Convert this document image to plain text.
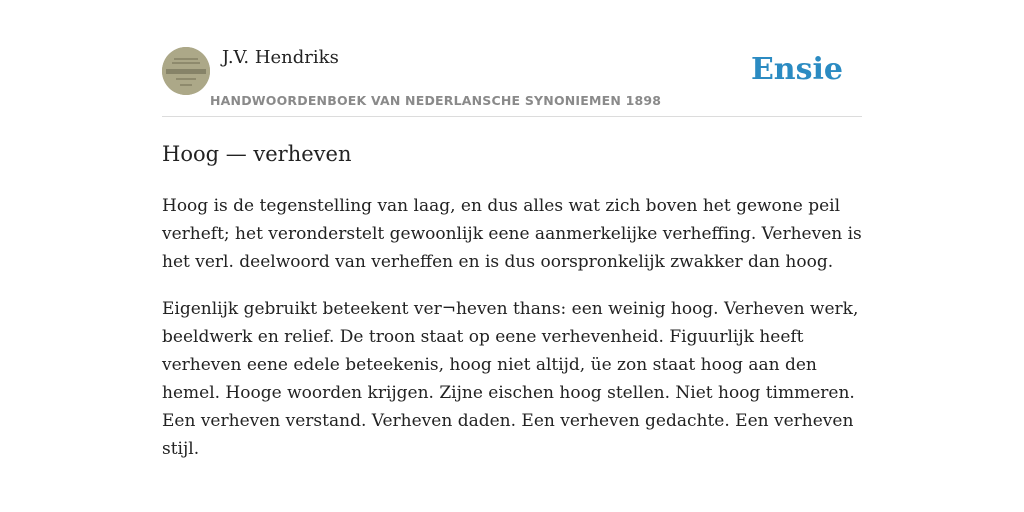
J.V. Hendriks
HANDWOORDENBOEK VAN NEDERLANSCHE SYNONIEMEN 1898
Ensie
Hoog — verheven

Hoog is de tegenstelling van laag, en dus alles wat zich boven het gewone peil verheft; het veronderstelt gewoonlijk eene aanmerkelijke verheffing. Verheven is het verl. deelwoord van verheffen en is dus oorspronkelijk zwakker dan hoog.

Eigenlijk gebruikt beteekent ver¬heven thans: een weinig hoog. Verheven werk, beeldwerk en relief. De troon staat op eene verhevenheid. Figuurlijk heeft verheven eene edele beteekenis, hoog niet altijd, üe zon staat hoog aan den hemel. Hooge woorden krijgen. Zijne eischen hoog stellen. Niet hoog timmeren. Een verheven verstand. Verheven daden. Een verheven gedachte. Een verheven stijl.
